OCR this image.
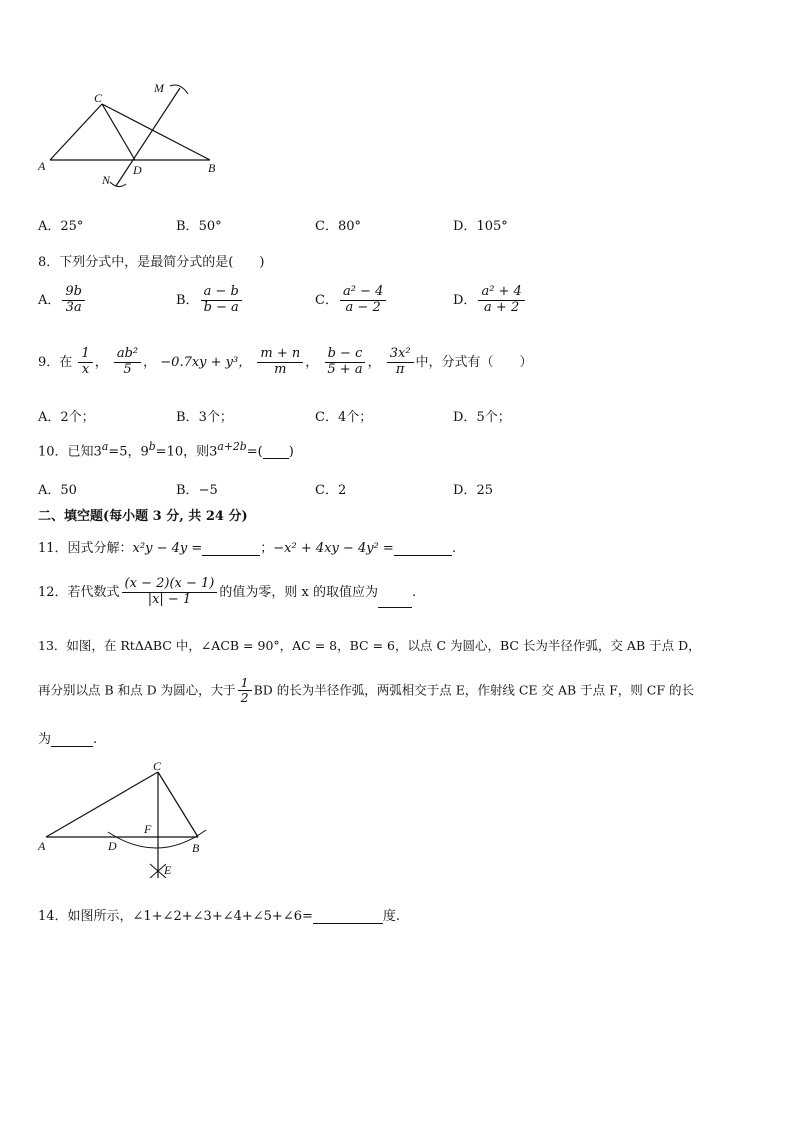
A	B
C
D
M
N
A．25°	B．50°	C．80°	D．105°
8．下列分式中，是最简分式的是(　　)
A． $\frac{9b}{3a}$	B． $\frac{a - b}{b - a}$	C． $\frac{\text{a² − 4}}{a - 2}$	D． $\frac{\text{a² + 4}}{a + 2}$
9．在 $\frac{1}{x}$ ， $\frac{\text{ab²}}{5}$ ， −0.7xy + y³， $\frac{m + n}{m}$ ， $\frac{b - c}{5 + a}$ ， $\frac{\text{3x²}}{\pi}$ 中，分式有（　　）
A．2个；	B．3个；	C．4个；	D．5个；
10．已知$3^a=5$，$9^b=10$，则$3^{a+2b}=$( )
A．50	B．−5	C．2	D．25
二、填空题(每小题 3 分, 共 24 分)
11．因式分解：x²y − 4y =	；−x² + 4xy − 4y² =	.
12．若代数式 $\frac{(x - 2)(x - 1)}{|x| - 1}$ 的值为零，则 x 的取值应为	.
13．如图，在 RtΔABC 中，∠ACB = 90°，AC = 8，BC = 6，以点 C 为圆心，BC 长为半径作弧，交 AB 于点 D，
再分别以点 B 和点 D 为圆心，大于 $\frac{1}{2}$ BD 的长为半径作弧，两弧相交于点 E，作射线 CE 交 AB 于点 F，则 CF 的长
为	.
A	B
C
D
E
F
14．如图所示，∠1+∠2+∠3+∠4+∠5+∠6=	度.
